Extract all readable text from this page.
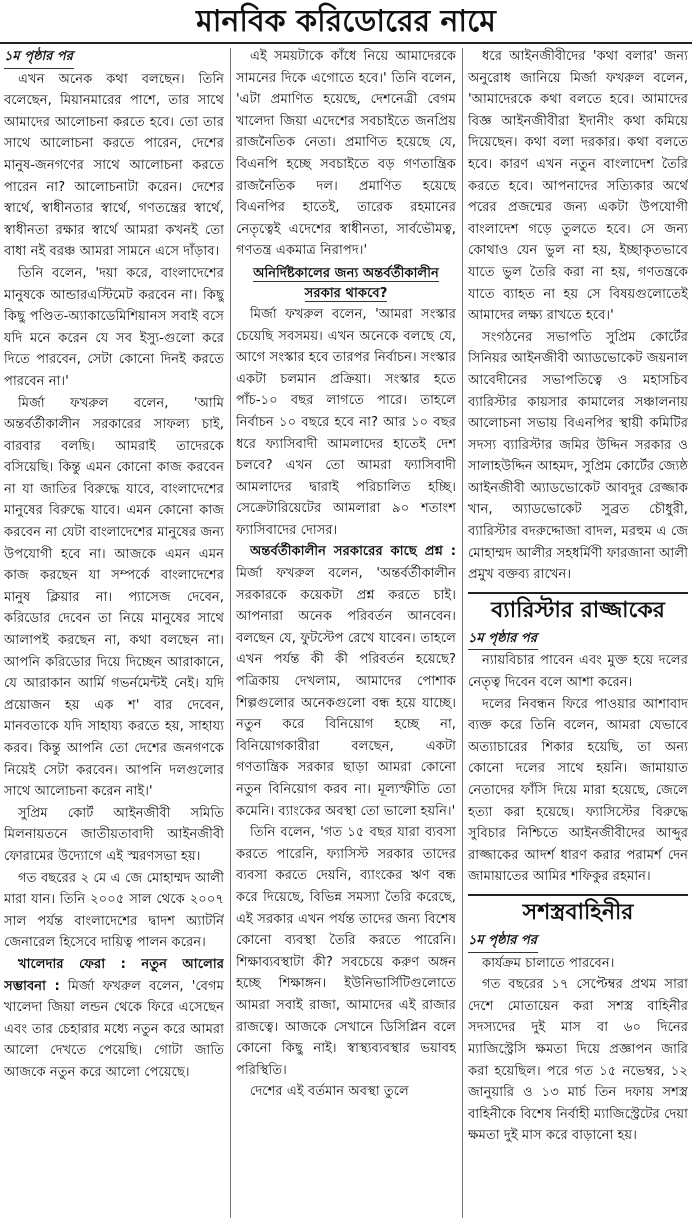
মানবিক করিডোরের নামে
১ম পৃষ্ঠার পর

এখন অনেক কথা বলছেন। তিনি বলেছেন, মিয়ানমারের পাশে, তার সাথে আমাদের আলোচনা করতে হবে। তো তার সাথে আলোচনা করতে পারেন, দেশের মানুষ-জনগণের সাথে আলোচনা করতে পারেন না? আলোচনাটা করেন। দেশের স্বার্থে, স্বাধীনতার স্বার্থে, গণতন্ত্রের স্বার্থে, স্বাধীনতা রক্ষার স্বার্থে আমরা কখনই তো বাধা নই বরঞ্চ আমরা সামনে এসে দাঁড়াব।

তিনি বলেন, 'দয়া করে, বাংলাদেশের মানুষকে আন্ডারএস্টিমেট করবেন না। কিছু কিছু পণ্ডিত-অ্যাকাডেমিশিয়ানস সবাই বসে যদি মনে করেন যে সব ইস্যু-গুলো করে দিতে পারবেন, সেটা কোনো দিনই করতে পারবেন না।'

মির্জা ফখরুল বলেন, 'আমি অন্তর্বর্তীকালীন সরকারের সাফল্য চাই, বারবার বলছি। আমরাই তাদেরকে বসিয়েছি। কিন্তু এমন কোনো কাজ করবেন না যা জাতির বিরুদ্ধে যাবে, বাংলাদেশের মানুষের বিরুদ্ধে যাবে। এমন কোনো কাজ করবেন না যেটা বাংলাদেশের মানুষের জন্য উপযোগী হবে না। আজকে এমন এমন কাজ করছেন যা সম্পর্কে বাংলাদেশের মানুষ ক্লিয়ার না। প্যাসেজ দেবেন, করিডোর দেবেন তা নিয়ে মানুষের সাথে আলাপই করছেন না, কথা বলছেন না। আপনি করিডোর দিয়ে দিচ্ছেন আরাকানে, যে আরাকান আর্মি গভর্নমেন্টই নেই। যদি প্রয়োজন হয় এক শ' বার দেবেন, মানবতাকে যদি সাহায্য করতে হয়, সাহায্য করব। কিন্তু আপনি তো দেশের জনগণকে নিয়েই সেটা করবেন। আপনি দলগুলোর সাথে আলোচনা করেন নাই।'

সুপ্রিম কোর্ট আইনজীবী সমিতি মিলনায়তনে জাতীয়তাবাদী আইনজীবী ফোরামের উদ্যোগে এই স্মরণসভা হয়।

গত বছরের ২ মে এ জে মোহাম্মদ আলী মারা যান। তিনি ২০০৫ সাল থেকে ২০০৭ সাল পর্যন্ত বাংলাদেশের দ্বাদশ অ্যাটর্নি জেনারেল হিসেবে দায়িত্ব পালন করেন।

খালেদার ফেরা : নতুন আলোর সম্ভাবনা : মির্জা ফখরুল বলেন, 'বেগম খালেদা জিয়া লন্ডন থেকে ফিরে এসেছেন এবং তার চেহারার মধ্যে নতুন করে আমরা আলো দেখতে পেয়েছি। গোটা জাতি আজকে নতুন করে আলো পেয়েছে।

এই সময়টাকে কাঁধে নিয়ে আমাদেরকে সামনের দিকে এগোতে হবে।' তিনি বলেন, 'এটা প্রমাণিত হয়েছে, দেশনেত্রী বেগম খালেদা জিয়া এদেশের সবচাইতে জনপ্রিয় রাজনৈতিক নেতা। প্রমাণিত হয়েছে যে, বিএনপি হচ্ছে সবচাইতে বড় গণতান্ত্রিক রাজনৈতিক দল। প্রমাণিত হয়েছে বিএনপির হাতেই, তারেক রহমানের নেতৃত্বেই এদেশের স্বাধীনতা, সার্বভৌমত্ব, গণতন্ত্র একমাত্র নিরাপদ।'

অনির্দিষ্টকালের জন্য অন্তর্বর্তীকালীন সরকার থাকবে?

মির্জা ফখরুল বলেন, 'আমরা সংস্কার চেয়েছি সবসময়। এখন অনেকে বলছে যে, আগে সংস্কার হবে তারপর নির্বাচন। সংস্কার একটা চলমান প্রক্রিয়া। সংস্কার হতে পাঁচ-১০ বছর লাগতে পারে। তাহলে নির্বাচন ১০ বছরে হবে না? আর ১০ বছর ধরে ফ্যাসিবাদী আমলাদের হাতেই দেশ চলবে? এখন তো আমরা ফ্যাসিবাদী আমলাদের দ্বারাই পরিচালিত হচ্ছি। সেক্রেটারিয়েটের আমলারা ৯০ শতাংশ ফ্যাসিবাদের দোসর।

অন্তর্বর্তীকালীন সরকারের কাছে প্রশ্ন : মির্জা ফখরুল বলেন, 'অন্তর্বর্তীকালীন সরকারকে কয়েকটা প্রশ্ন করতে চাই। আপনারা অনেক পরিবর্তন আনবেন। বলছেন যে, ফুটস্টেপ রেখে যাবেন। তাহলে এখন পর্যন্ত কী কী পরিবর্তন হয়েছে? পত্রিকায় দেখলাম, আমাদের পোশাক শিল্পগুলোর অনেকগুলো বন্ধ হয়ে যাচ্ছে। নতুন করে বিনিয়োগ হচ্ছে না, বিনিয়োগকারীরা বলছেন, একটা গণতান্ত্রিক সরকার ছাড়া আমরা কোনো নতুন বিনিয়োগ করব না। মূল্যস্ফীতি তো কমেনি। ব্যাংকের অবস্থা তো ভালো হয়নি।'

তিনি বলেন, 'গত ১৫ বছর যারা ব্যবসা করতে পারেনি, ফ্যাসিস্ট সরকার তাদের ব্যবসা করতে দেয়নি, ব্যাংকের ঋণ বন্ধ করে দিয়েছে, বিভিন্ন সমস্যা তৈরি করেছে, এই সরকার এখন পর্যন্ত তাদের জন্য বিশেষ কোনো ব্যবস্থা তৈরি করতে পারেনি। শিক্ষাব্যবস্থাটা কী? সবচেয়ে করুণ অঙ্গন হচ্ছে শিক্ষাঙ্গন। ইউনিভার্সিটিগুলোতে আমরা সবাই রাজা, আমাদের এই রাজার রাজত্বে। আজকে সেখানে ডিসিপ্লিন বলে কোনো কিছু নাই। স্বাস্থ্যব্যবস্থার ভয়াবহ পরিস্থিতি।

দেশের এই বর্তমান অবস্থা তুলে

ধরে আইনজীবীদের 'কথা বলার' জন্য অনুরোধ জানিয়ে মির্জা ফখরুল বলেন, 'আমাদেরকে কথা বলতে হবে। আমাদের বিজ্ঞ আইনজীবীরা ইদানীং কথা কমিয়ে দিয়েছেন। কথা বলা দরকার। কথা বলতে হবে। কারণ এখন নতুন বাংলাদেশ তৈরি করতে হবে। আপনাদের সত্যিকার অর্থে পরের প্রজন্মের জন্য একটা উপযোগী বাংলাদেশ গড়ে তুলতে হবে। সে জন্য কোথাও যেন ভুল না হয়, ইচ্ছাকৃতভাবে যাতে ভুল তৈরি করা না হয়, গণতন্ত্রকে যাতে ব্যাহত না হয় সে বিষয়গুলোতেই আমাদের লক্ষ্য রাখতে হবে।'

সংগঠনের সভাপতি সুপ্রিম কোর্টের সিনিয়র আইনজীবী অ্যাডভোকেট জয়নাল আবেদীনের সভাপতিত্বে ও মহাসচিব ব্যারিস্টার কায়সার কামালের সঞ্চালনায় আলোচনা সভায় বিএনপির স্থায়ী কমিটির সদস্য ব্যারিস্টার জমির উদ্দিন সরকার ও সালাহউদ্দিন আহমদ, সুপ্রিম কোর্টের জ্যেষ্ঠ আইনজীবী অ্যাডভোকেট আবদুর রেজ্জাক খান, অ্যাডভোকেট সুব্রত চৌধুরী, ব্যারিস্টার বদরুদ্দোজা বাদল, মরহুম এ জে মোহাম্মদ আলীর সহধর্মিণী ফারজানা আলী প্রমুখ বক্তব্য রাখেন।

ব্যারিস্টার রাজ্জাকের
১ম পৃষ্ঠার পর

ন্যায়বিচার পাবেন এবং মুক্ত হয়ে দলের নেতৃত্ব দিবেন বলে আশা করেন।

দলের নিবন্ধন ফিরে পাওয়ার আশাবাদ ব্যক্ত করে তিনি বলেন, আমরা যেভাবে অত্যাচারের শিকার হয়েছি, তা অন্য কোনো দলের সাথে হয়নি। জামায়াত নেতাদের ফাঁসি দিয়ে মারা হয়েছে, জেলে হত্যা করা হয়েছে। ফ্যাসিস্টের বিরুদ্ধে সুবিচার নিশ্চিতে আইনজীবীদের আব্দুর রাজ্জাকের আদর্শ ধারণ করার পরামর্শ দেন জামায়াতের আমির শফিকুর রহমান।

সশস্ত্রবাহিনীর
১ম পৃষ্ঠার পর

কার্যক্রম চালাতে পারবেন।

গত বছরের ১৭ সেপ্টেম্বর প্রথম সারা দেশে মোতায়েন করা সশস্ত্র বাহিনীর সদস্যদের দুই মাস বা ৬০ দিনের ম্যাজিস্ট্রেসি ক্ষমতা দিয়ে প্রজ্ঞাপন জারি করা হয়েছিল। পরে গত ১৫ নভেম্বর, ১২ জানুয়ারি ও ১৩ মার্চ তিন দফায় সশস্ত্র বাহিনীকে বিশেষ নির্বাহী ম্যাজিস্ট্রেটের দেয়া ক্ষমতা দুই মাস করে বাড়ানো হয়।
